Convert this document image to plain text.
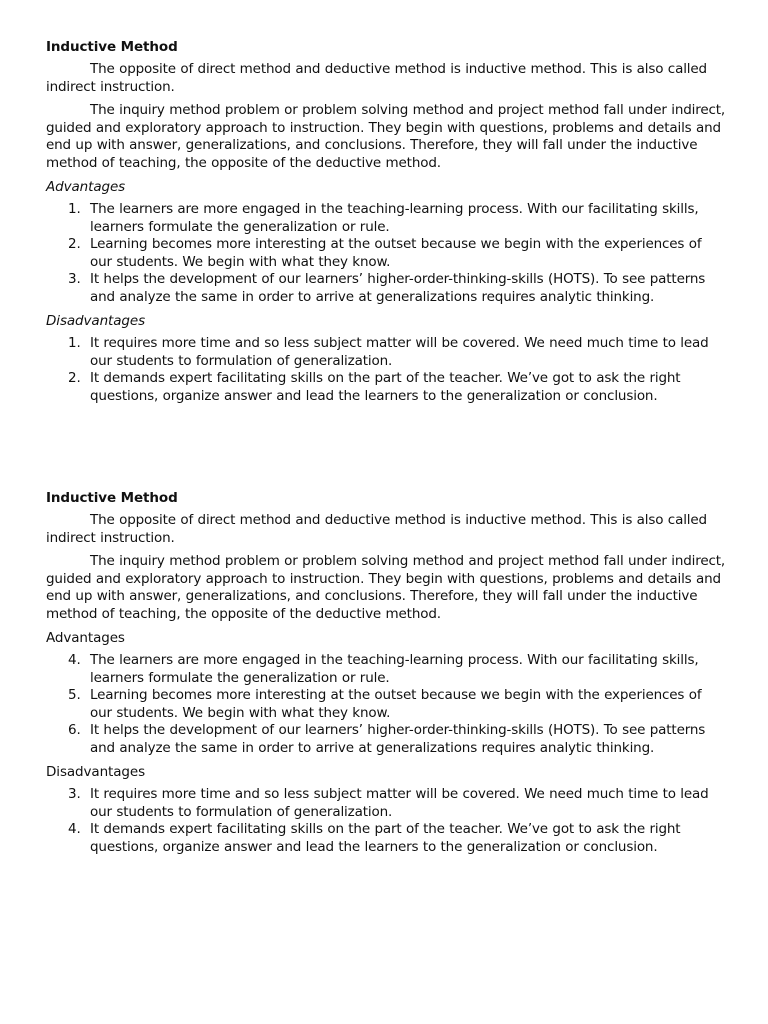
Inductive Method

The opposite of direct method and deductive method is inductive method. This is also called indirect instruction.

The inquiry method problem or problem solving method and project method fall under indirect, guided and exploratory approach to instruction. They begin with questions, problems and details and end up with answer, generalizations, and conclusions. Therefore, they will fall under the inductive method of teaching, the opposite of the deductive method.

Advantages
1. The learners are more engaged in the teaching-learning process. With our facilitating skills, learners formulate the generalization or rule.
2. Learning becomes more interesting at the outset because we begin with the experiences of our students. We begin with what they know.
3. It helps the development of our learners’ higher-order-thinking-skills (HOTS). To see patterns and analyze the same in order to arrive at generalizations requires analytic thinking.
Disadvantages
1. It requires more time and so less subject matter will be covered. We need much time to lead our students to formulation of generalization.
2. It demands expert facilitating skills on the part of the teacher. We’ve got to ask the right questions, organize answer and lead the learners to the generalization or conclusion.
Inductive Method

The opposite of direct method and deductive method is inductive method. This is also called indirect instruction.

The inquiry method problem or problem solving method and project method fall under indirect, guided and exploratory approach to instruction. They begin with questions, problems and details and end up with answer, generalizations, and conclusions. Therefore, they will fall under the inductive method of teaching, the opposite of the deductive method.

Advantages
4. The learners are more engaged in the teaching-learning process. With our facilitating skills, learners formulate the generalization or rule.
5. Learning becomes more interesting at the outset because we begin with the experiences of our students. We begin with what they know.
6. It helps the development of our learners’ higher-order-thinking-skills (HOTS). To see patterns and analyze the same in order to arrive at generalizations requires analytic thinking.
Disadvantages
3. It requires more time and so less subject matter will be covered. We need much time to lead our students to formulation of generalization.
4. It demands expert facilitating skills on the part of the teacher. We’ve got to ask the right questions, organize answer and lead the learners to the generalization or conclusion.
